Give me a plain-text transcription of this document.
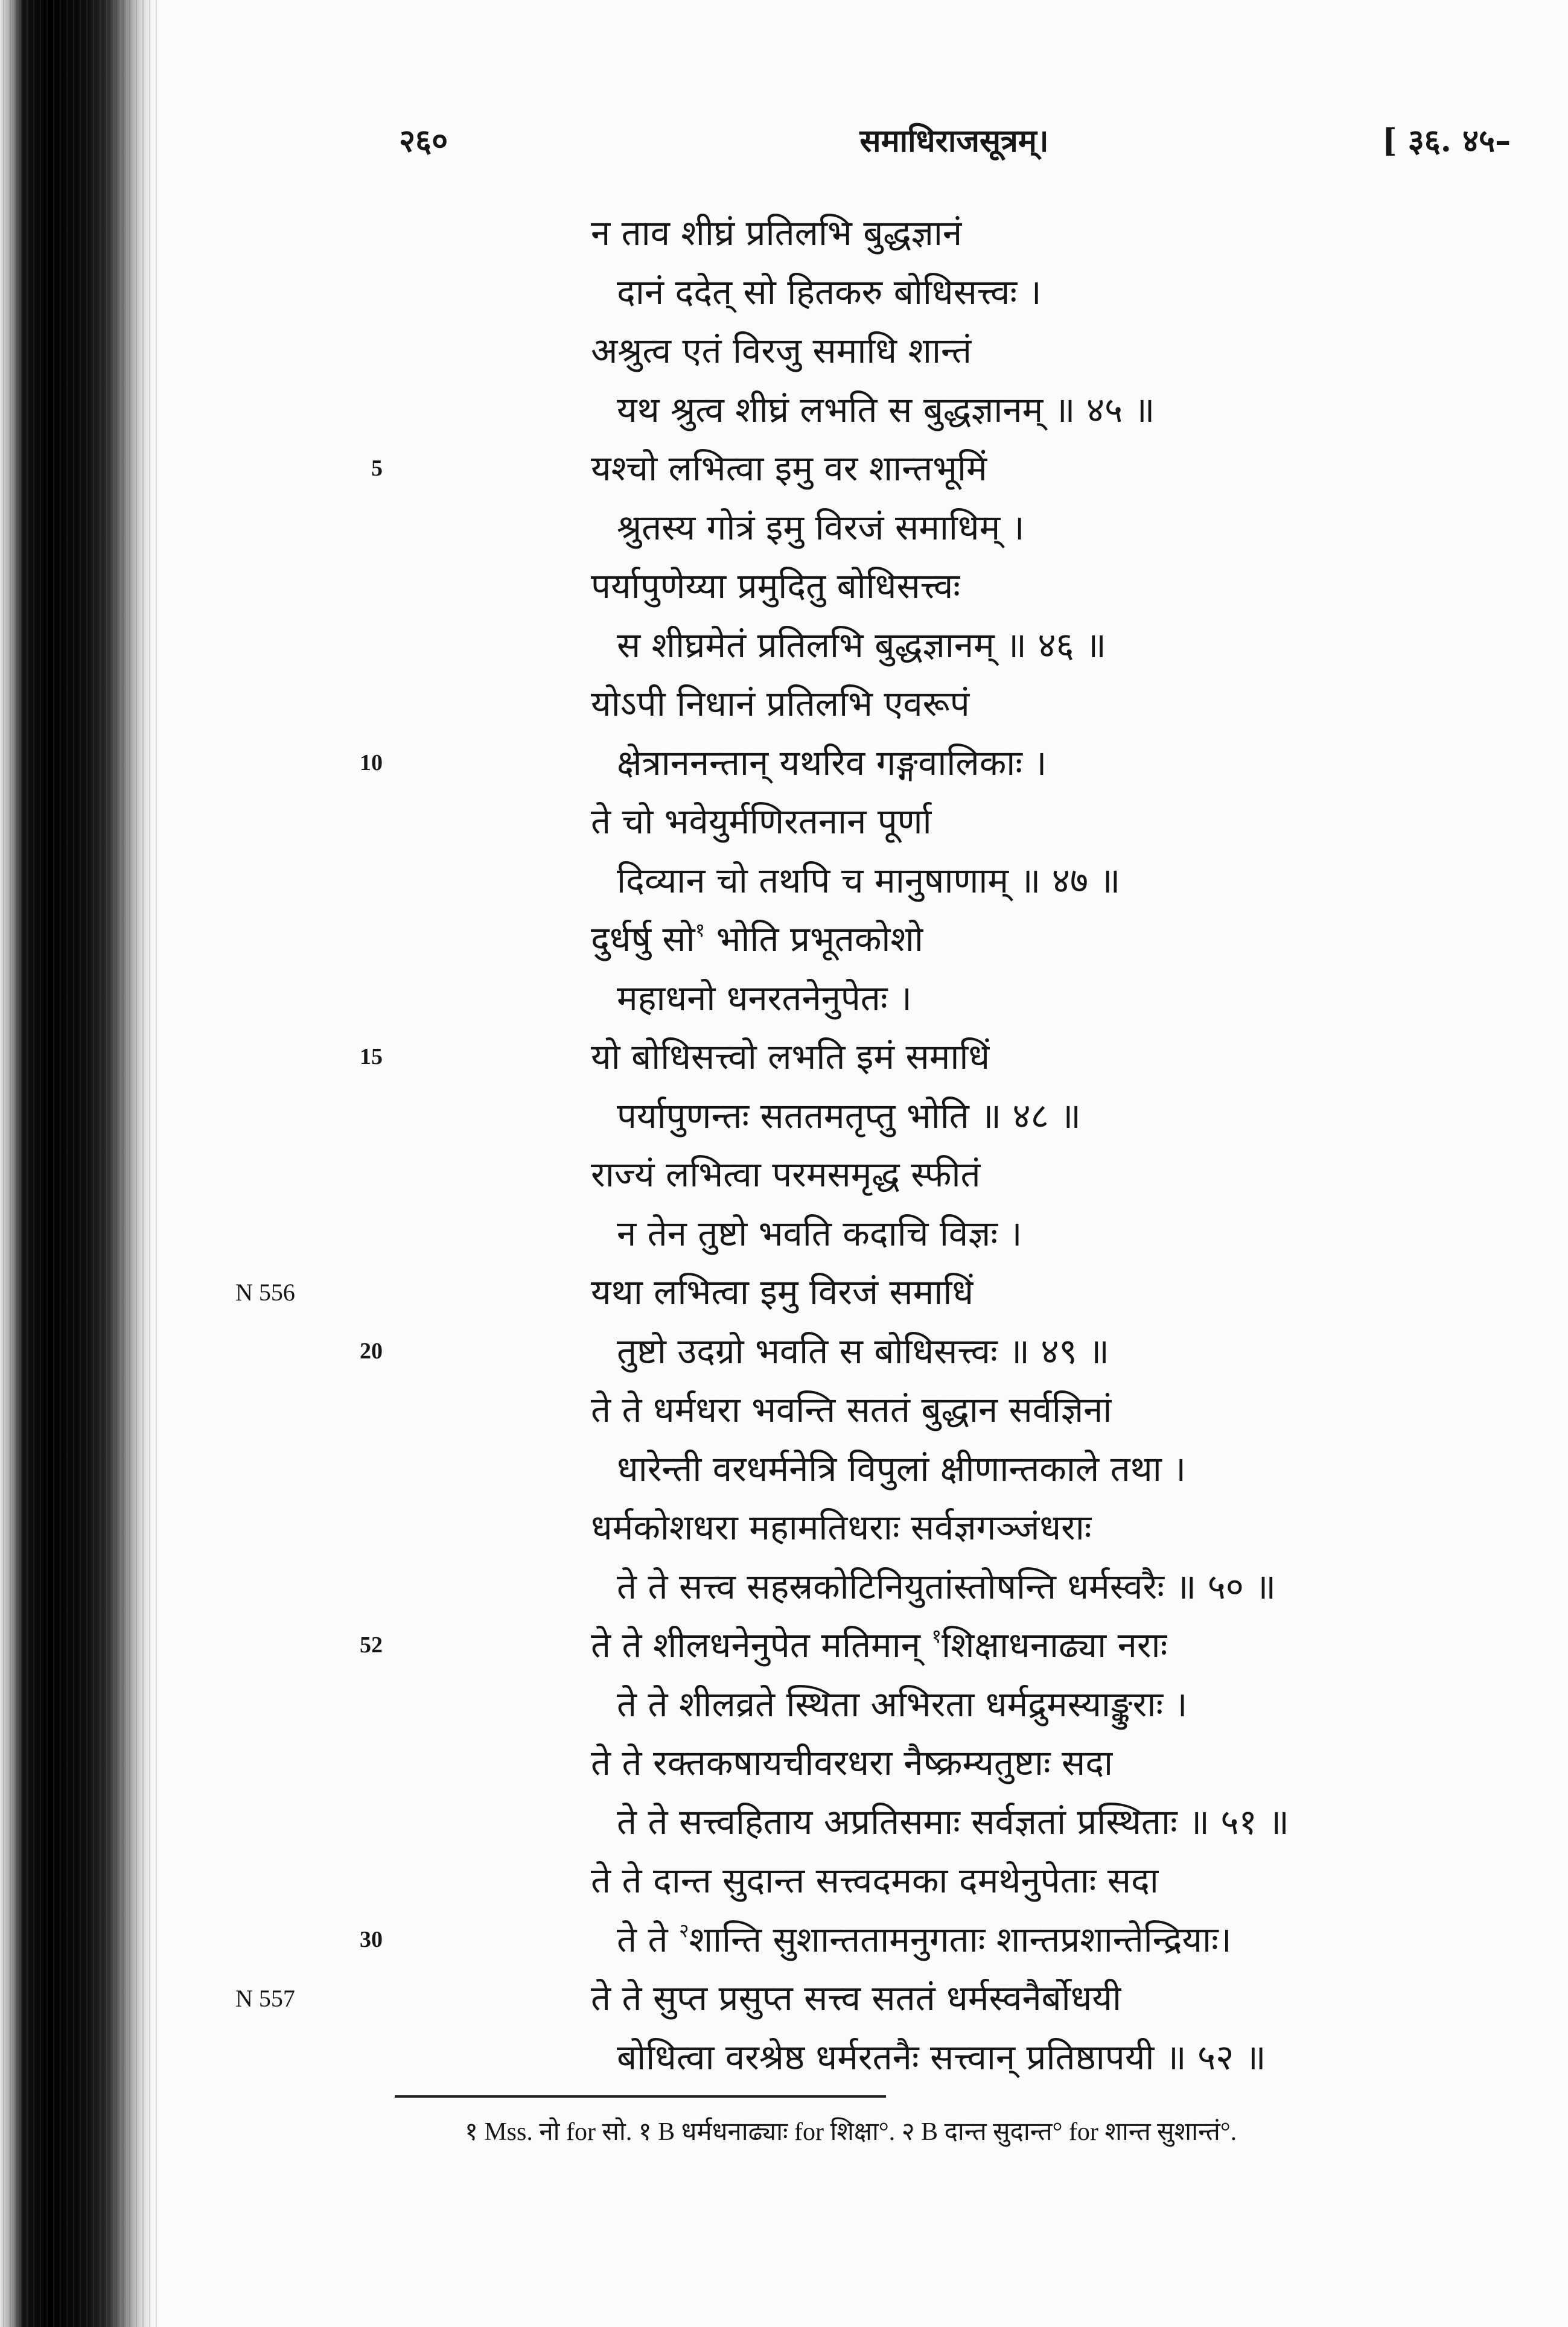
२६०	समाधिराजसूत्रम्।	[ ३६. ४५–
न ताव शीघ्रं प्रतिलभि बुद्धज्ञानं
दानं ददेत् सो हितकरु बोधिसत्त्वः ।
अश्रुत्व एतं विरजु समाधि शान्तं
यथ श्रुत्व शीघ्रं लभति स बुद्धज्ञानम् ॥ ४५ ॥
5	यश्चो लभित्वा इमु वर शान्तभूमिं
श्रुतस्य गोत्रं इमु विरजं समाधिम् ।
पर्यापुणेय्या प्रमुदितु बोधिसत्त्वः
स शीघ्रमेतं प्रतिलभि बुद्धज्ञानम् ॥ ४६ ॥
योऽपी निधानं प्रतिलभि एवरूपं
10	क्षेत्राननन्तान् यथरिव गङ्गवालिकाः ।
ते चो भवेयुर्मणिरतनान पूर्णा
दिव्यान चो तथपि च मानुषाणाम् ॥ ४७ ॥
दुर्धर्षु सो$^१$ भोति प्रभूतकोशो
महाधनो धनरतनेनुपेतः ।
15	यो बोधिसत्त्वो लभति इमं समाधिं
पर्यापुणन्तः सततमतृप्तु भोति ॥ ४८ ॥
राज्यं लभित्वा परमसमृद्ध स्फीतं
न तेन तुष्टो भवति कदाचि विज्ञः ।
N 556	यथा लभित्वा इमु विरजं समाधिं
20	तुष्टो उदग्रो भवति स बोधिसत्त्वः ॥ ४९ ॥
ते ते धर्मधरा भवन्ति सततं बुद्धान सर्वज्ञिनां
धारेन्ती वरधर्मनेत्रि विपुलां क्षीणान्तकाले तथा ।
धर्मकोशधरा महामतिधराः सर्वज्ञगञ्जंधराः
ते ते सत्त्व सहस्रकोटिनियुतांस्तोषन्ति धर्मस्वरैः ॥ ५० ॥
52	ते ते शीलधनेनुपेत मतिमान् $^१$शिक्षाधनाढ्या नराः
ते ते शीलव्रते स्थिता अभिरता धर्मद्रुमस्याङ्कुराः ।
ते ते रक्तकषायचीवरधरा नैष्क्रम्यतुष्टाः सदा
ते ते सत्त्वहिताय अप्रतिसमाः सर्वज्ञतां प्रस्थिताः ॥ ५१ ॥
ते ते दान्त सुदान्त सत्त्वदमका दमथेनुपेताः सदा
30	ते ते $^२$शान्ति सुशान्ततामनुगताः शान्तप्रशान्तेन्द्रियाः।
N 557	ते ते सुप्त प्रसुप्त सत्त्व सततं धर्मस्वनैर्बोधयी
बोधित्वा वरश्रेष्ठ धर्मरतनैः सत्त्वान् प्रतिष्ठापयी ॥ ५२ ॥
१ Mss. नो for सो. १ B धर्मधनाढ्याः for शिक्षा°. २ B दान्त सुदान्त° for शान्त सुशान्तं°.
